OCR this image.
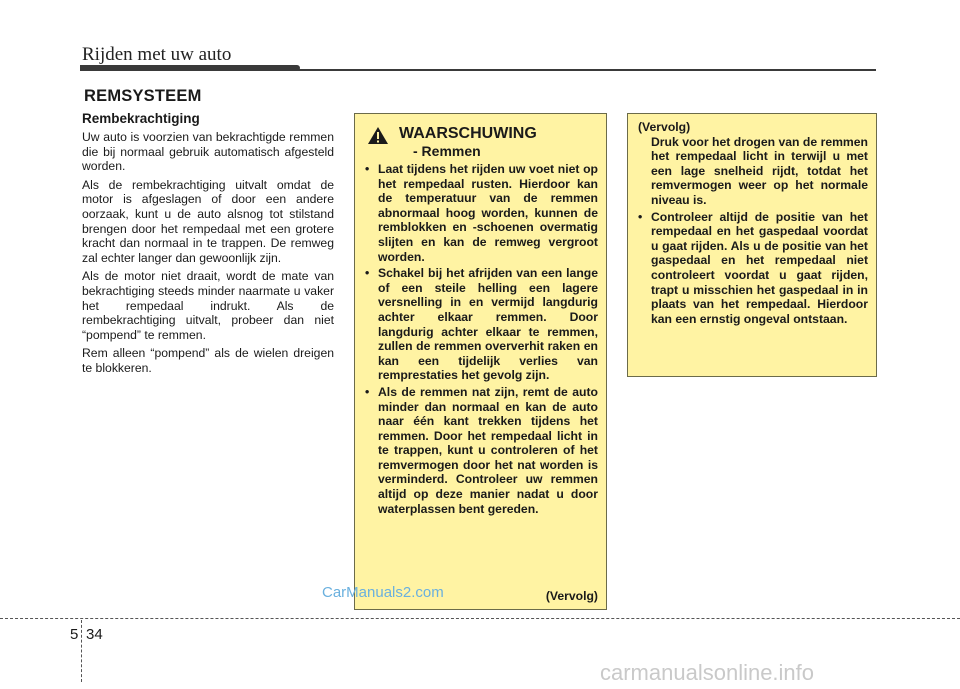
Rijden met uw auto
REMSYSTEEM
Rembekrachtiging

Uw auto is voorzien van bekrachtigde remmen die bij normaal gebruik automatisch afgesteld worden.

Als de rembekrachtiging uitvalt omdat de motor is afgeslagen of door een andere oorzaak, kunt u de auto alsnog tot stilstand brengen door het rempedaal met een grotere kracht dan normaal in te trappen. De remweg zal echter langer dan gewoonlijk zijn.

Als de motor niet draait, wordt de mate van bekrachtiging steeds minder naarmate u vaker het rempedaal indrukt. Als de rembekrachtiging uitvalt, probeer dan niet “pompend” te remmen.

Rem alleen “pompend” als de wielen dreigen te blokkeren.

WAARSCHUWING
- Remmen
• Laat tijdens het rijden uw voet niet op het rempedaal rusten. Hierdoor kan de temperatuur van de remmen abnormaal hoog worden, kunnen de remblokken en -schoenen overmatig slijten en kan de remweg vergroot worden.
• Schakel bij het afrijden van een lange of een steile helling een lagere versnelling in en vermijd langdurig achter elkaar remmen. Door langdurig achter elkaar te remmen, zullen de remmen oververhit raken en kan een tijdelijk verlies van remprestaties het gevolg zijn.
• Als de remmen nat zijn, remt de auto minder dan normaal en kan de auto naar één kant trekken tijdens het remmen. Door het rempedaal licht in te trappen, kunt u controleren of het remvermogen door het nat worden is verminderd. Controleer uw remmen altijd op deze manier nadat u door waterplassen bent gereden.
(Vervolg)
(Vervolg)
Druk voor het drogen van de remmen het rempedaal licht in terwijl u met een lage snelheid rijdt, totdat het remvermogen weer op het normale niveau is.
• Controleer altijd de positie van het rempedaal en het gaspedaal voordat u gaat rijden. Als u de positie van het gaspedaal en het rempedaal niet controleert voordat u gaat rijden, trapt u misschien het gaspedaal in in plaats van het rempedaal. Hierdoor kan een ernstig ongeval ontstaan.
5 34
CarManuals2.com
carmanualsonline.info
